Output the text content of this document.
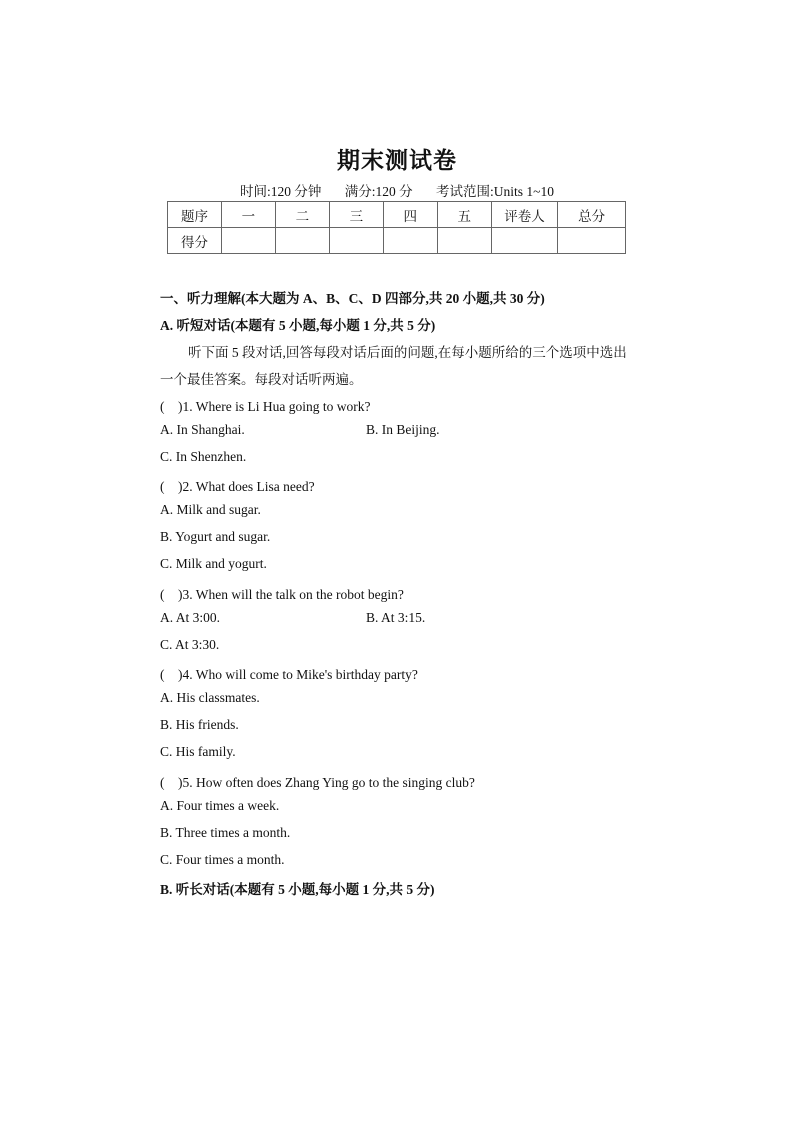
期末测试卷
时间:120 分钟 满分:120 分 考试范围:Units 1~10
题序	一	二	三	四	五	评卷人	总分
得分							
一、听力理解(本大题为 A、B、C、D 四部分,共 20 小题,共 30 分)
A. 听短对话(本题有 5 小题,每小题 1 分,共 5 分)
听下面 5 段对话,回答每段对话后面的问题,在每小题所给的三个选项中选出
一个最佳答案。每段对话听两遍。
(　)1. Where is Li Hua going to work?
A. In Shanghai.	B. In Beijing.
C. In Shenzhen.
(　)2. What does Lisa need?
A. Milk and sugar.
B. Yogurt and sugar.
C. Milk and yogurt.
(　)3. When will the talk on the robot begin?
A. At 3:00.	B. At 3:15.
C. At 3:30.
(　)4. Who will come to Mike's birthday party?
A. His classmates.
B. His friends.
C. His family.
(　)5. How often does Zhang Ying go to the singing club?
A. Four times a week.
B. Three times a month.
C. Four times a month.
B. 听长对话(本题有 5 小题,每小题 1 分,共 5 分)
